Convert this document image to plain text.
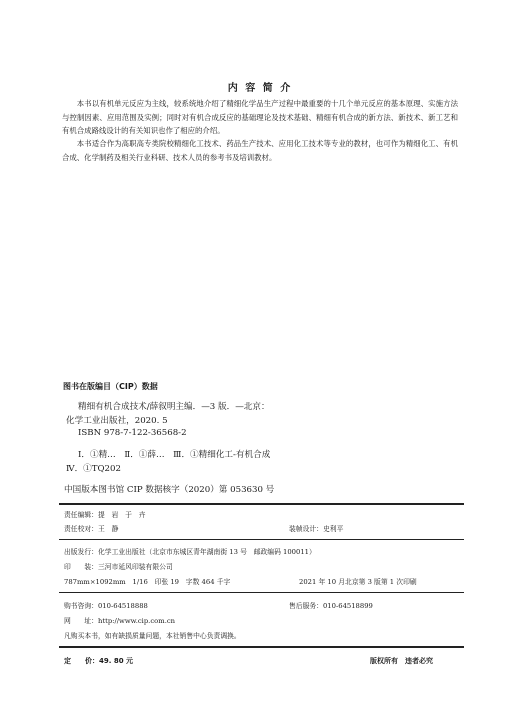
内 容 简 介

本书以有机单元反应为主线，较系统地介绍了精细化学品生产过程中最重要的十几个单元反应的基本原理、实施方法与控制因素、应用范围及实例；同时对有机合成反应的基础理论及技术基础、精细有机合成的新方法、新技术、新工艺和有机合成路线设计的有关知识也作了相应的介绍。

本书适合作为高职高专类院校精细化工技术、药品生产技术、应用化工技术等专业的教材，也可作为精细化工、有机合成、化学制药及相关行业科研、技术人员的参考书及培训教材。

图书在版编目（CIP）数据
精细有机合成技术/薛叙明主编．—3 版．—北京：
化学工业出版社，2020. 5
ISBN 978-7-122-36568-2
Ⅰ．①精…　Ⅱ．①薛…　Ⅲ．①精细化工-有机合成
Ⅳ．①TQ202
中国版本图书馆 CIP 数据核字（2020）第 053630 号
责任编辑：提　岩　于　卉
责任校对：王　静	装帧设计：史利平
出版发行：化学工业出版社（北京市东城区青年湖南街 13 号　邮政编码 100011）
印　　装：三河市延风印装有限公司
787mm×1092mm　1/16　印张 19　字数 464 千字	2021 年 10 月北京第 3 版第 1 次印刷
购书咨询：010-64518888	售后服务：010-64518899
网　　址：http://www.cip.com.cn
凡购买本书，如有缺损质量问题，本社销售中心负责调换。
定　　价：49. 80 元	版权所有　违者必究
